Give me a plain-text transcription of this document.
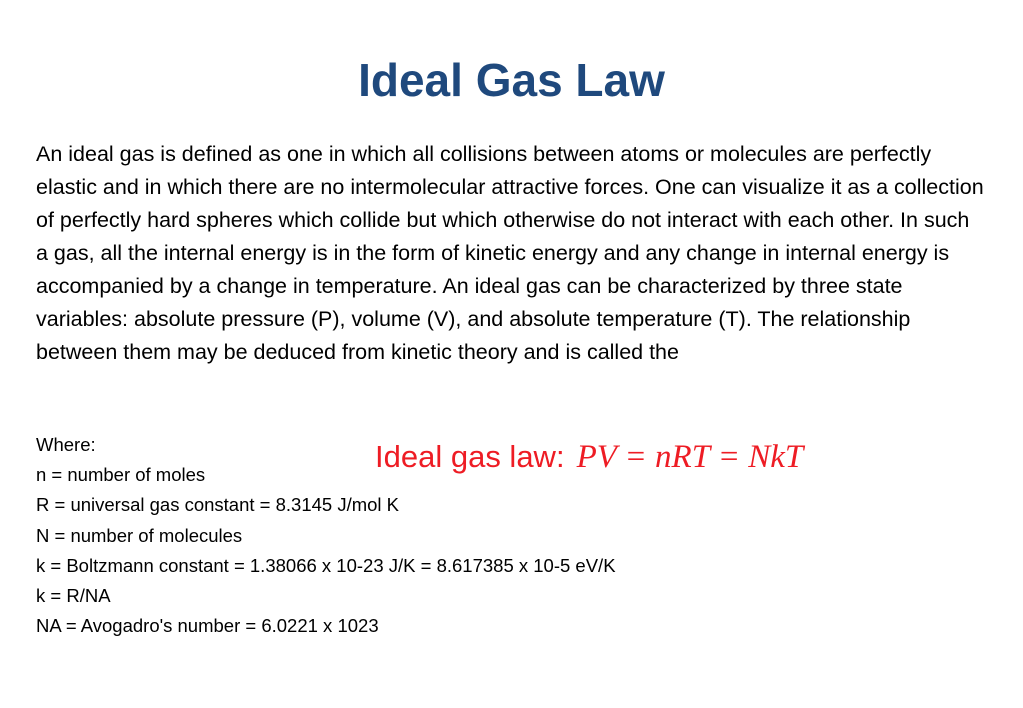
Ideal Gas Law

An ideal gas is defined as one in which all collisions between atoms or molecules are perfectly elastic and in which there are no intermolecular attractive forces. One can visualize it as a collection of perfectly hard spheres which collide but which otherwise do not interact with each other. In such a gas, all the internal energy is in the form of kinetic energy and any change in internal energy is accompanied by a change in temperature. An ideal gas can be characterized by three state variables: absolute pressure (P), volume (V), and absolute temperature (T). The relationship between them may be deduced from kinetic theory and is called the

Where:
n = number of moles
R = universal gas constant = 8.3145 J/mol K
N = number of molecules
k = Boltzmann constant = 1.38066 x 10-23 J/K = 8.617385 x 10-5 eV/K
k = R/NA
NA = Avogadro's number = 6.0221 x 1023
Ideal gas law: PV = nRT = NkT
